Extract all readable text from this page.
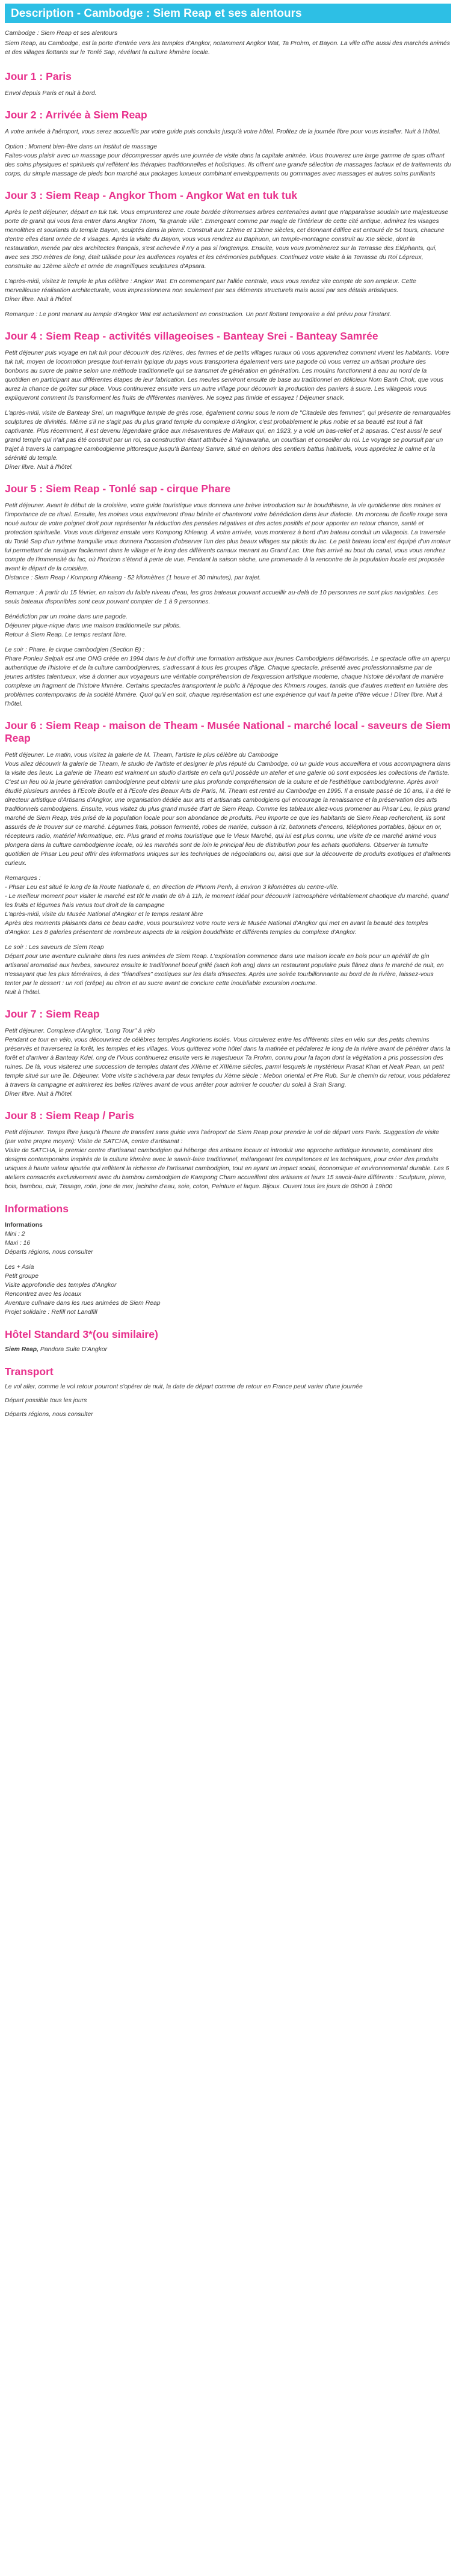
Description - Cambodge : Siem Reap et ses alentours

Cambodge : Siem Reap et ses alentours

Siem Reap, au Cambodge, est la porte d'entrée vers les temples d'Angkor, notamment Angkor Wat, Ta Prohm, et Bayon. La ville offre aussi des marchés animés et des villages flottants sur le Tonlé Sap, révélant la culture khmère locale.

Jour 1 : Paris

Envol depuis Paris et nuit à bord.

Jour 2 : Arrivée à Siem Reap

A votre arrivée à l'aéroport, vous serez accueillis par votre guide puis conduits jusqu'à votre hôtel. Profitez de la journée libre pour vous installer. Nuit à l'hôtel.

Option : Moment bien-être dans un institut de massage
Faites-vous plaisir avec un massage pour décompresser après une journée de visite dans la capitale animée. Vous trouverez une large gamme de spas offrant des soins physiques et spirituels qui reflètent les thérapies traditionnelles et holistiques. Ils offrent une grande sélection de massages faciaux et de traitements du corps, du simple massage de pieds bon marché aux packages luxueux combinant enveloppements ou gommages avec massages et autres soins purifiants

Jour 3 : Siem Reap - Angkor Thom - Angkor Wat en tuk tuk

Après le petit déjeuner, départ en tuk tuk. Vous emprunterez une route bordée d'immenses arbres centenaires avant que n'apparaisse soudain une majestueuse porte de granit qui vous fera entrer dans Angkor Thom, "la grande ville". Emergeant comme par magie de l'intérieur de cette cité antique, admirez les visages monolithes et souriants du temple Bayon, sculptés dans la pierre. Construit aux 12ème et 13ème siècles, cet étonnant édifice est entouré de 54 tours, chacune d'entre elles étant ornée de 4 visages. Après la visite du Bayon, vous vous rendrez au Baphuon, un temple-montagne construit au XIe siècle, dont la restauration, menée par des architectes français, s'est achevée il n'y a pas si longtemps. Ensuite, vous vous promènerez sur la Terrasse des Éléphants, qui, avec ses 350 mètres de long, était utilisée pour les audiences royales et les cérémonies publiques. Continuez votre visite à la Terrasse du Roi Lépreux, construite au 12ème siècle et ornée de magnifiques sculptures d'Apsara.

L'après-midi, visitez le temple le plus célèbre : Angkor Wat. En commençant par l'allée centrale, vous vous rendez vite compte de son ampleur. Cette merveilleuse réalisation architecturale, vous impressionnera non seulement par ses éléments structurels mais aussi par ses détails artistiques.
Dîner libre. Nuit à l'hôtel.

Remarque : Le pont menant au temple d'Angkor Wat est actuellement en construction. Un pont flottant temporaire a été prévu pour l'instant.

Jour 4 : Siem Reap - activités villageoises - Banteay Srei - Banteay Samrée

Petit déjeuner puis voyage en tuk tuk pour découvrir des rizières, des fermes et de petits villages ruraux où vous apprendrez comment vivent les habitants. Votre tuk tuk, moyen de locomotion presque tout-terrain typique du pays vous transportera également vers une pagode où vous verrez un artisan produire des bonbons au sucre de palme selon une méthode traditionnelle qui se transmet de génération en génération. Les moulins fonctionnent à eau au nord de la quotidien en participant aux différentes étapes de leur fabrication. Les meules serviront ensuite de base au traditionnel en délicieux Nom Banh Chok, que vous aurez la chance de goûter sur place. Vous continuerez ensuite vers un autre village pour découvrir la production des paniers à sucre. Les villageois vous expliqueront comment ils transforment les fruits de différentes manières. Ne soyez pas timide et essayez ! Déjeuner snack.

L'après-midi, visite de Banteay Srei, un magnifique temple de grès rose, également connu sous le nom de "Citadelle des femmes", qui présente de remarquables sculptures de divinités. Même s'il ne s'agit pas du plus grand temple du complexe d'Angkor, c'est probablement le plus noble et sa beauté est tout à fait captivante. Plus récemment, il est devenu légendaire grâce aux mésaventures de Malraux qui, en 1923, y a volé un bas-relief et 2 apsaras. C'est aussi le seul grand temple qui n'ait pas été construit par un roi, sa construction étant attribuée à Yajnavaraha, un courtisan et conseiller du roi. Le voyage se poursuit par un trajet à travers la campagne cambodgienne pittoresque jusqu'à Banteay Samre, situé en dehors des sentiers battus habituels, vous appréciez le calme et la sérénité du temple.
Dîner libre. Nuit à l'hôtel.

Jour 5 : Siem Reap - Tonlé sap - cirque Phare

Petit déjeuner. Avant le début de la croisière, votre guide touristique vous donnera une brève introduction sur le bouddhisme, la vie quotidienne des moines et l'importance de ce rituel. Ensuite, les moines vous exprimeront d'eau bénite et chanteront votre bénédiction dans leur dialecte. Un morceau de ficelle rouge sera noué autour de votre poignet droit pour représenter la réduction des pensées négatives et des actes positifs et pour apporter en retour chance, santé et protection spirituelle. Vous vous dirigerez ensuite vers Kompong Khleang. À votre arrivée, vous monterez à bord d'un bateau conduit un villageois. La traversée du Tonlé Sap d'un rythme tranquille vous donnera l'occasion d'observer l'un des plus beaux villages sur pilotis du lac. Le petit bateau local est équipé d'un moteur lui permettant de naviguer facilement dans le village et le long des différents canaux menant au Grand Lac. Une fois arrivé au bout du canal, vous vous rendrez compte de l'immensité du lac, où l'horizon s'étend à perte de vue. Pendant la saison sèche, une promenade à la rencontre de la population locale est proposée avant le départ de la croisière.
Distance : Siem Reap / Kompong Khleang - 52 kilomètres (1 heure et 30 minutes), par trajet.

Remarque : À partir du 15 février, en raison du faible niveau d'eau, les gros bateaux pouvant accueillir au-delà de 10 personnes ne sont plus navigables. Les seuls bateaux disponibles sont ceux pouvant compter de 1 à 9 personnes.

Bénédiction par un moine dans une pagode.
Déjeuner pique-nique dans une maison traditionnelle sur pilotis.
Retour à Siem Reap. Le temps restant libre.

Le soir : Phare, le cirque cambodgien (Section B) :
Phare Ponleu Selpak est une ONG créée en 1994 dans le but d'offrir une formation artistique aux jeunes Cambodgiens défavorisés. Le spectacle offre un aperçu authentique de l'histoire et de la culture cambodgiennes, s'adressant à tous les groupes d'âge. Chaque spectacle, présenté avec professionnalisme par de jeunes artistes talentueux, vise à donner aux voyageurs une véritable compréhension de l'expression artistique moderne, chaque histoire dévoilant de manière complexe un fragment de l'histoire khmère. Certains spectacles transportent le public à l'époque des Khmers rouges, tandis que d'autres mettent en lumière des problèmes contemporains de la société khmère. Quoi qu'il en soit, chaque représentation est une expérience qui vaut la peine d'être vécue ! Dîner libre. Nuit à l'hôtel.

Jour 6 : Siem Reap - maison de Theam - Musée National - marché local - saveurs de Siem Reap

Petit déjeuner. Le matin, vous visitez la galerie de M. Theam, l'artiste le plus célèbre du Cambodge
Vous allez découvrir la galerie de Theam, le studio de l'artiste et designer le plus réputé du Cambodge, où un guide vous accueillera et vous accompagnera dans la visite des lieux. La galerie de Theam est vraiment un studio d'artiste en cela qu'il possède un atelier et une galerie où sont exposées les collections de l'artiste. C'est un lieu où la jeune génération cambodgienne peut obtenir une plus profonde compréhension de la culture et de l'esthétique cambodgienne. Après avoir étudié plusieurs années à l'Ecole Boulle et à l'Ecole des Beaux Arts de Paris, M. Theam est rentré au Cambodge en 1995. Il a ensuite passé de 10 ans, il a été le directeur artistique d'Artisans d'Angkor, une organisation dédiée aux arts et artisanats cambodgiens qui encourage la renaissance et la préservation des arts traditionnels cambodgiens. Ensuite, vous visitez du plus grand musée d'art de Siem Reap. Comme les tableaux allez-vous promener au Phsar Leu, le plus grand marché de Siem Reap, très prisé de la population locale pour son abondance de produits. Peu importe ce que les habitants de Siem Reap recherchent, ils sont assurés de le trouver sur ce marché. Légumes frais, poisson fermenté, robes de mariée, cuisson à riz, batonnets d'encens, téléphones portables, bijoux en or, récepteurs radio, matériel informatique, etc. Plus grand et moins touristique que le Vieux Marché, qui lui est plus connu, une visite de ce marché animé vous plongera dans la culture cambodgienne locale, où les marchés sont de loin le principal lieu de distribution pour les achats quotidiens. Observer la tumulte quotidien de Phsar Leu peut offrir des informations uniques sur les techniques de négociations ou, ainsi que sur la découverte de produits exotiques et d'aliments curieux.

Remarques :
- Phsar Leu est situé le long de la Route Nationale 6, en direction de Phnom Penh, à environ 3 kilomètres du centre-ville.
- Le meilleur moment pour visiter le marché est tôt le matin de 6h à 11h, le moment idéal pour découvrir l'atmosphère véritablement chaotique du marché, quand les fruits et légumes frais venus tout droit de la campagne
L'après-midi, visite du Musée National d'Angkor et le temps restant libre
Après des moments plaisants dans ce beau cadre, vous poursuivrez votre route vers le Musée National d'Angkor qui met en avant la beauté des temples d'Angkor. Les 8 galeries présentent de nombreux aspects de la religion bouddhiste et différents temples du complexe d'Angkor.

Le soir : Les saveurs de Siem Reap
Départ pour une aventure culinaire dans les rues animées de Siem Reap. L'exploration commence dans une maison locale en bois pour un apéritif de gin artisanal aromatisé aux herbes, savourez ensuite le traditionnel boeuf grillé (sach koh ang) dans un restaurant populaire puis flânez dans le marché de nuit, en n'essayant que les plus téméraires, à des "friandises" exotiques sur les étals d'insectes. Après une soirée tourbillonnante au bord de la rivière, laissez-vous tenter par le dessert : un roti (crêpe) au citron et au sucre avant de conclure cette inoubliable excursion nocturne.
Nuit à l'hôtel.

Jour 7 : Siem Reap

Petit déjeuner. Complexe d'Angkor, "Long Tour" à vélo
Pendant ce tour en vélo, vous découvrirez de célèbres temples Angkoriens isolés. Vous circulerez entre les différents sites en vélo sur des petits chemins préservés et traverserez la forêt, les temples et les villages. Vous quitterez votre hôtel dans la matinée et pédalerez le long de la rivière avant de pénétrer dans la forêt et d'arriver à Banteay Kdei, ong de l'Vous continuerez ensuite vers le majestueux Ta Prohm, connu pour la façon dont la végétation a pris possession des ruines. De là, vous visiterez une succession de temples datant des XIIème et XIIIème siècles, parmi lesquels le mystérieux Prasat Khan et Neak Pean, un petit temple situé sur une île. Déjeuner. Votre visite s'achèvera par deux temples du Xème siècle : Mebon oriental et Pre Rub. Sur le chemin du retour, vous pédalerez à travers la campagne et admirerez les belles rizières avant de vous arrêter pour admirer le coucher du soleil à Srah Srang.
Dîner libre. Nuit à l'hôtel.

Jour 8 : Siem Reap / Paris

Petit déjeuner. Temps libre jusqu'à l'heure de transfert sans guide vers l'aéroport de Siem Reap pour prendre le vol de départ vers Paris. Suggestion de visite (par votre propre moyen): Visite de SATCHA, centre d'artisanat :
Visite de SATCHA, le premier centre d'artisanat cambodgien qui héberge des artisans locaux et introduit une approche artistique innovante, combinant des designs contemporains inspirés de la culture khmère avec le savoir-faire traditionnel, mélangeant les compétences et les techniques, pour créer des produits uniques à haute valeur ajoutée qui reflètent la richesse de l'artisanat cambodgien, tout en ayant un impact social, économique et environnemental durable. Les 6 ateliers consacrés exclusivement avec du bambou cambodgien de Kampong Cham accueillent des artisans et leurs 15 savoir-faire différents : Sculpture, pierre, bois, bambou, cuir, Tissage, rotin, jone de mer, jacinthe d'eau, soie, coton, Peinture et laque. Bijoux. Ouvert tous les jours de 09h00 à 19h00

Informations

Informations

Mini : 2

Maxi : 16

Départs régions, nous consulter

Les + Asia

Petit groupe

Visite approfondie des temples d'Angkor

Rencontrez avec les locaux

Aventure culinaire dans les rues animées de Siem Reap

Projet solidaire : Refill not Landfill

Hôtel Standard 3*(ou similaire)

Siem Reap, Pandora Suite D'Angkor

Transport

Le vol aller, comme le vol retour pourront s'opérer de nuit, la date de départ comme de retour en France peut varier d'une journée

Départ possible tous les jours

Départs régions, nous consulter
